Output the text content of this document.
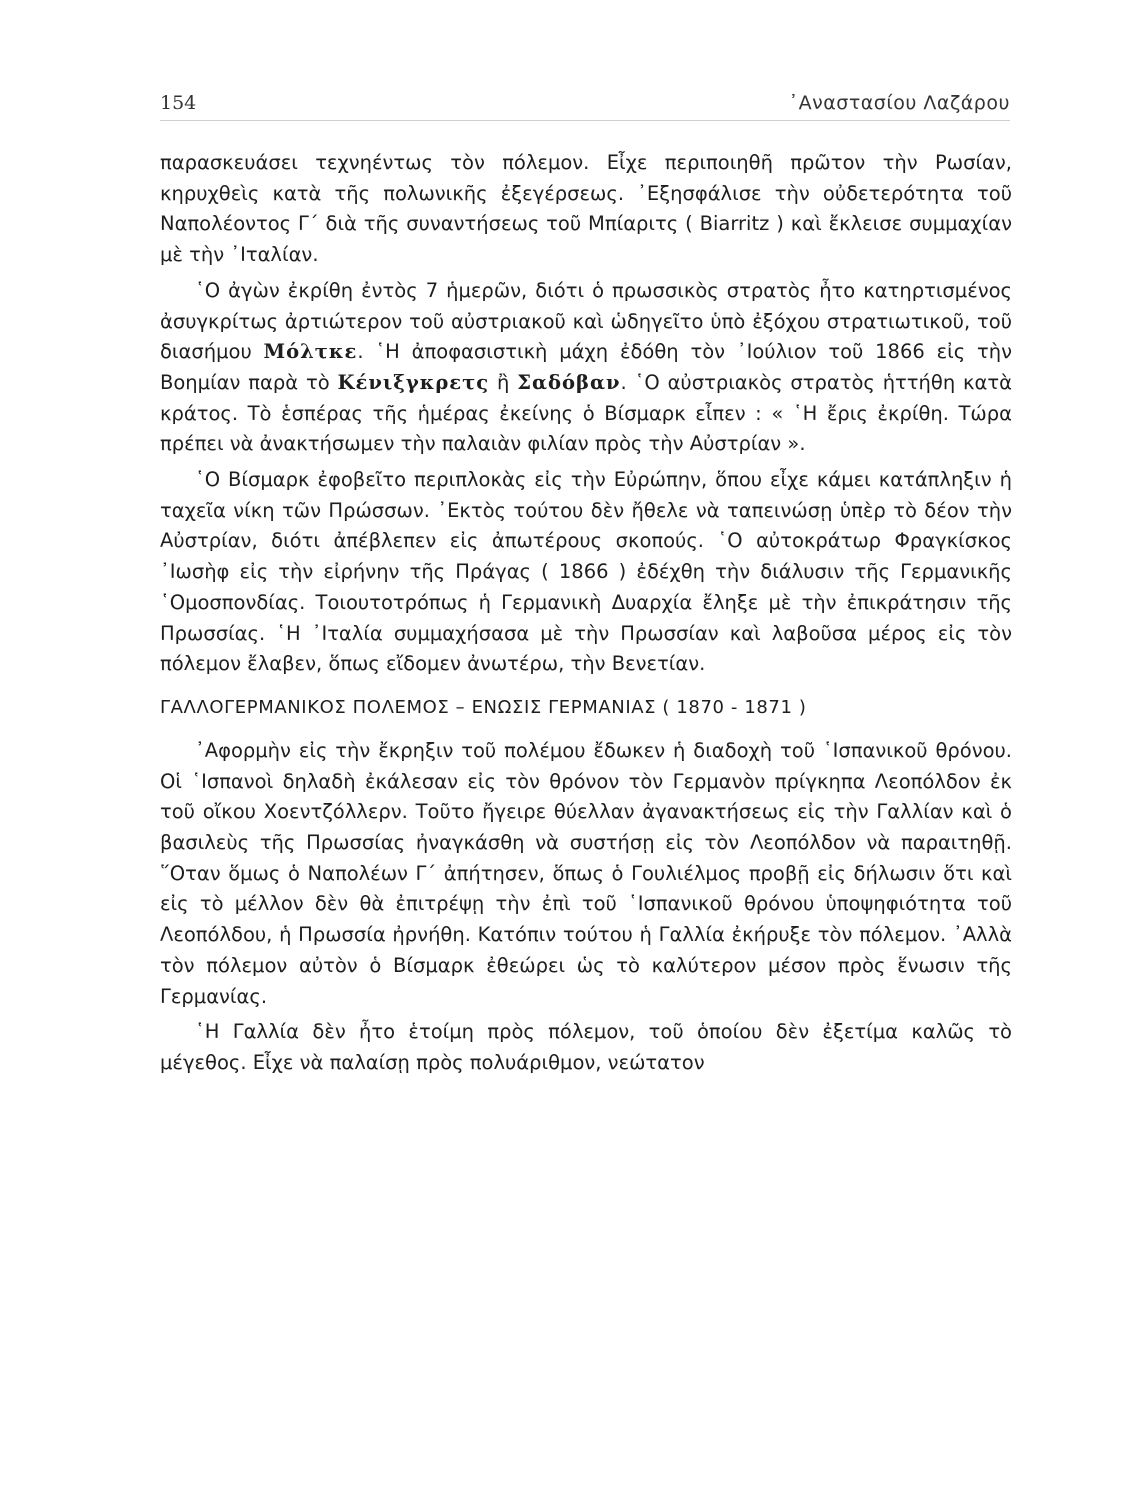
154	᾿Αναστασίου Λαζάρου

παρασκευάσει τεχνηέντως τὸν πόλεμον. Εἶχε περιποιηθῆ πρῶτον τὴν Ρωσίαν, κηρυχθεὶς κατὰ τῆς πολωνικῆς ἐξεγέρσεως. ᾿Εξησφάλισε τὴν οὐδετερότητα τοῦ Ναπολέοντος Γ΄ διὰ τῆς συναντήσεως τοῦ Μπίαριτς ( Biarritz ) καὶ ἔκλεισε συμμαχίαν μὲ τὴν ᾿Ιταλίαν.

῾Ο ἀγὼν ἐκρίθη ἐντὸς 7 ἡμερῶν, διότι ὁ πρωσσικὸς στρατὸς ἦτο κατηρτισμένος ἀσυγκρίτως ἀρτιώτερον τοῦ αὐστριακοῦ καὶ ὡδηγεῖτο ὑπὸ ἐξόχου στρατιωτικοῦ, τοῦ διασήμου Μόλτκε. ῾Η ἀποφασιστικὴ μάχη ἐδόθη τὸν ᾿Ιούλιον τοῦ 1866 εἰς τὴν Βοημίαν παρὰ τὸ Κένιξγκρετς ἢ Σαδόβαν. ῾Ο αὐστριακὸς στρατὸς ἡττήθη κατὰ κράτος. Τὸ ἑσπέρας τῆς ἡμέρας ἐκείνης ὁ Βίσμαρκ εἶπεν : « ῾Η ἔρις ἐκρίθη. Τώρα πρέπει νὰ ἀνακτήσωμεν τὴν παλαιὰν φιλίαν πρὸς τὴν Αὐστρίαν ».

῾Ο Βίσμαρκ ἐφοβεῖτο περιπλοκὰς εἰς τὴν Εὐρώπην, ὅπου εἶχε κάμει κατάπληξιν ἡ ταχεῖα νίκη τῶν Πρώσσων. ᾿Εκτὸς τούτου δὲν ἤθελε νὰ ταπεινώσῃ ὑπὲρ τὸ δέον τὴν Αὐστρίαν, διότι ἀπέβλεπεν εἰς ἀπωτέρους σκοπούς. ῾Ο αὐτοκράτωρ Φραγκίσκος ᾿Ιωσὴφ εἰς τὴν εἰρήνην τῆς Πράγας ( 1866 ) ἐδέχθη τὴν διάλυσιν τῆς Γερμανικῆς ῾Ομοσπονδίας. Τοιουτοτρόπως ἡ Γερμανικὴ Δυαρχία ἔληξε μὲ τὴν ἐπικράτησιν τῆς Πρωσσίας. ῾Η ᾿Ιταλία συμμαχήσασα μὲ τὴν Πρωσσίαν καὶ λαβοῦσα μέρος εἰς τὸν πόλεμον ἔλαβεν, ὅπως εἴδομεν ἀνωτέρω, τὴν Βενετίαν.

ΓΑΛΛΟΓΕΡΜΑΝΙΚΟΣ ΠΟΛΕΜΟΣ – ΕΝΩΣΙΣ ΓΕΡΜΑΝΙΑΣ ( 1870 - 1871 )

᾿Αφορμὴν εἰς τὴν ἔκρηξιν τοῦ πολέμου ἔδωκεν ἡ διαδοχὴ τοῦ ῾Ισπανικοῦ θρόνου. Οἱ ῾Ισπανοὶ δηλαδὴ ἐκάλεσαν εἰς τὸν θρόνον τὸν Γερμανὸν πρίγκηπα Λεοπόλδον ἐκ τοῦ οἴκου Χοεντζόλλερν. Τοῦτο ἤγειρε θύελλαν ἀγανακτήσεως εἰς τὴν Γαλλίαν καὶ ὁ βασιλεὺς τῆς Πρωσσίας ἠναγκάσθη νὰ συστήσῃ εἰς τὸν Λεοπόλδον νὰ παραιτηθῇ. ῞Οταν ὅμως ὁ Ναπολέων Γ΄ ἀπήτησεν, ὅπως ὁ Γουλιέλμος προβῇ εἰς δήλωσιν ὅτι καὶ εἰς τὸ μέλλον δὲν θὰ ἐπιτρέψῃ τὴν ἐπὶ τοῦ ῾Ισπανικοῦ θρόνου ὑποψηφιότητα τοῦ Λεοπόλδου, ἡ Πρωσσία ἠρνήθη. Κατόπιν τούτου ἡ Γαλλία ἐκήρυξε τὸν πόλεμον. ᾿Αλλὰ τὸν πόλεμον αὐτὸν ὁ Βίσμαρκ ἐθεώρει ὡς τὸ καλύτερον μέσον πρὸς ἕνωσιν τῆς Γερμανίας.

῾Η Γαλλία δὲν ἦτο ἑτοίμη πρὸς πόλεμον, τοῦ ὁποίου δὲν ἐξετίμα καλῶς τὸ μέγεθος. Εἶχε νὰ παλαίσῃ πρὸς πολυάριθμον, νεώτατον
